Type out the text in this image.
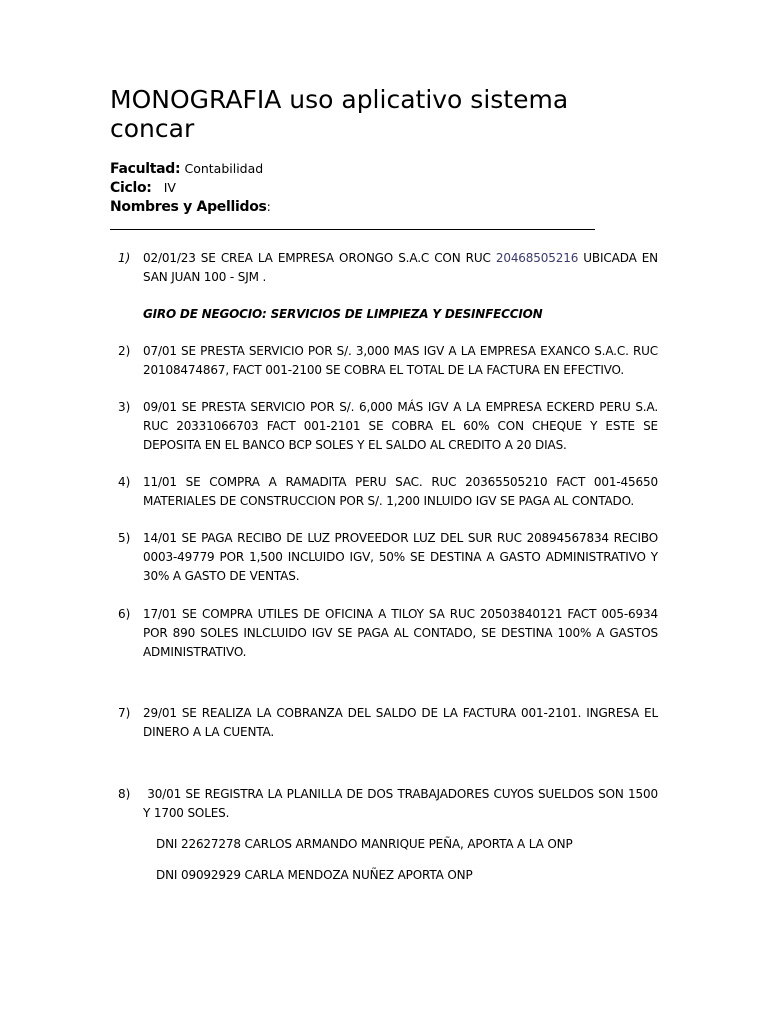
MONOGRAFIA uso aplicativo sistema concar
Facultad: Contabilidad
Ciclo: IV
Nombres y Apellidos:
1)	02/01/23 SE CREA LA EMPRESA ORONGO S.A.C CON RUC 20468505216 UBICADA EN SAN JUAN 100 - SJM .
GIRO DE NEGOCIO: SERVICIOS DE LIMPIEZA Y DESINFECCION
2)	07/01 SE PRESTA SERVICIO POR S/. 3,000 MAS IGV A LA EMPRESA EXANCO S.A.C. RUC 20108474867, FACT 001-2100 SE COBRA EL TOTAL DE LA FACTURA EN EFECTIVO.
3)	09/01 SE PRESTA SERVICIO POR S/. 6,000 MÁS IGV A LA EMPRESA ECKERD PERU S.A. RUC 20331066703 FACT 001-2101 SE COBRA EL 60% CON CHEQUE Y ESTE SE DEPOSITA EN EL BANCO BCP SOLES Y EL SALDO AL CREDITO A 20 DIAS.
4)	11/01 SE COMPRA A RAMADITA PERU SAC. RUC 20365505210 FACT 001-45650 MATERIALES DE CONSTRUCCION POR S/. 1,200 INLUIDO IGV SE PAGA AL CONTADO.
5)	14/01 SE PAGA RECIBO DE LUZ PROVEEDOR LUZ DEL SUR RUC 20894567834 RECIBO 0003-49779 POR 1,500 INCLUIDO IGV, 50% SE DESTINA A GASTO ADMINISTRATIVO Y 30% A GASTO DE VENTAS.
6)	17/01 SE COMPRA UTILES DE OFICINA A TILOY SA RUC 20503840121 FACT 005-6934 POR 890 SOLES INLCLUIDO IGV SE PAGA AL CONTADO, SE DESTINA 100% A GASTOS ADMINISTRATIVO.
7)	29/01 SE REALIZA LA COBRANZA DEL SALDO DE LA FACTURA 001-2101. INGRESA EL DINERO A LA CUENTA.
8)	30/01 SE REGISTRA LA PLANILLA DE DOS TRABAJADORES CUYOS SUELDOS SON 1500 Y 1700 SOLES.
DNI 22627278 CARLOS ARMANDO MANRIQUE PEÑA, APORTA A LA ONP
DNI 09092929 CARLA MENDOZA NUÑEZ APORTA ONP
